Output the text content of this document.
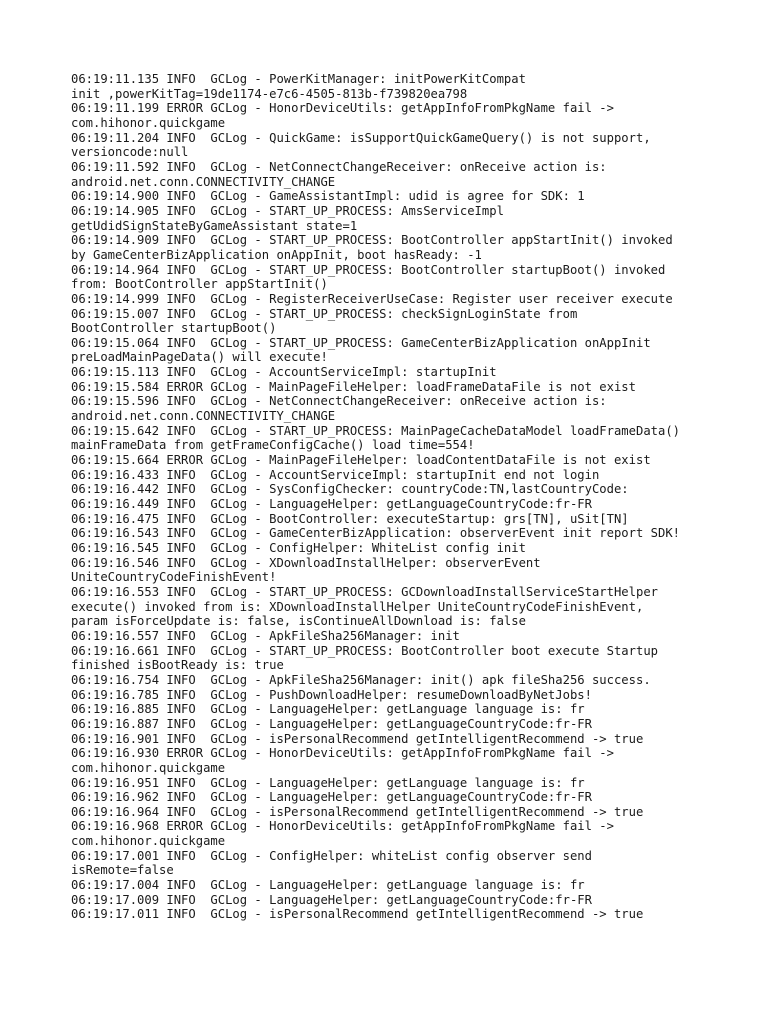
06:19:11.135 INFO  GCLog - PowerKitManager: initPowerKitCompat
init ,powerKitTag=19de1174-e7c6-4505-813b-f739820ea798
06:19:11.199 ERROR GCLog - HonorDeviceUtils: getAppInfoFromPkgName fail ->
com.hihonor.quickgame
06:19:11.204 INFO  GCLog - QuickGame: isSupportQuickGameQuery() is not support,
versioncode:null
06:19:11.592 INFO  GCLog - NetConnectChangeReceiver: onReceive action is:
android.net.conn.CONNECTIVITY_CHANGE
06:19:14.900 INFO  GCLog - GameAssistantImpl: udid is agree for SDK: 1
06:19:14.905 INFO  GCLog - START_UP_PROCESS: AmsServiceImpl
getUdidSignStateByGameAssistant state=1
06:19:14.909 INFO  GCLog - START_UP_PROCESS: BootController appStartInit() invoked
by GameCenterBizApplication onAppInit, boot hasReady: -1
06:19:14.964 INFO  GCLog - START_UP_PROCESS: BootController startupBoot() invoked
from: BootController appStartInit()
06:19:14.999 INFO  GCLog - RegisterReceiverUseCase: Register user receiver execute
06:19:15.007 INFO  GCLog - START_UP_PROCESS: checkSignLoginState from
BootController startupBoot()
06:19:15.064 INFO  GCLog - START_UP_PROCESS: GameCenterBizApplication onAppInit
preLoadMainPageData() will execute!
06:19:15.113 INFO  GCLog - AccountServiceImpl: startupInit
06:19:15.584 ERROR GCLog - MainPageFileHelper: loadFrameDataFile is not exist
06:19:15.596 INFO  GCLog - NetConnectChangeReceiver: onReceive action is:
android.net.conn.CONNECTIVITY_CHANGE
06:19:15.642 INFO  GCLog - START_UP_PROCESS: MainPageCacheDataModel loadFrameData()
mainFrameData from getFrameConfigCache() load time=554!
06:19:15.664 ERROR GCLog - MainPageFileHelper: loadContentDataFile is not exist
06:19:16.433 INFO  GCLog - AccountServiceImpl: startupInit end not login
06:19:16.442 INFO  GCLog - SysConfigChecker: countryCode:TN,lastCountryCode:
06:19:16.449 INFO  GCLog - LanguageHelper: getLanguageCountryCode:fr-FR
06:19:16.475 INFO  GCLog - BootController: executeStartup: grs[TN], uSit[TN]
06:19:16.543 INFO  GCLog - GameCenterBizApplication: observerEvent init report SDK!
06:19:16.545 INFO  GCLog - ConfigHelper: WhiteList config init
06:19:16.546 INFO  GCLog - XDownloadInstallHelper: observerEvent
UniteCountryCodeFinishEvent!
06:19:16.553 INFO  GCLog - START_UP_PROCESS: GCDownloadInstallServiceStartHelper
execute() invoked from is: XDownloadInstallHelper UniteCountryCodeFinishEvent,
param isForceUpdate is: false, isContinueAllDownload is: false
06:19:16.557 INFO  GCLog - ApkFileSha256Manager: init
06:19:16.661 INFO  GCLog - START_UP_PROCESS: BootController boot execute Startup
finished isBootReady is: true
06:19:16.754 INFO  GCLog - ApkFileSha256Manager: init() apk fileSha256 success.
06:19:16.785 INFO  GCLog - PushDownloadHelper: resumeDownloadByNetJobs!
06:19:16.885 INFO  GCLog - LanguageHelper: getLanguage language is: fr
06:19:16.887 INFO  GCLog - LanguageHelper: getLanguageCountryCode:fr-FR
06:19:16.901 INFO  GCLog - isPersonalRecommend getIntelligentRecommend -> true
06:19:16.930 ERROR GCLog - HonorDeviceUtils: getAppInfoFromPkgName fail ->
com.hihonor.quickgame
06:19:16.951 INFO  GCLog - LanguageHelper: getLanguage language is: fr
06:19:16.962 INFO  GCLog - LanguageHelper: getLanguageCountryCode:fr-FR
06:19:16.964 INFO  GCLog - isPersonalRecommend getIntelligentRecommend -> true
06:19:16.968 ERROR GCLog - HonorDeviceUtils: getAppInfoFromPkgName fail ->
com.hihonor.quickgame
06:19:17.001 INFO  GCLog - ConfigHelper: whiteList config observer send
isRemote=false
06:19:17.004 INFO  GCLog - LanguageHelper: getLanguage language is: fr
06:19:17.009 INFO  GCLog - LanguageHelper: getLanguageCountryCode:fr-FR
06:19:17.011 INFO  GCLog - isPersonalRecommend getIntelligentRecommend -> true
